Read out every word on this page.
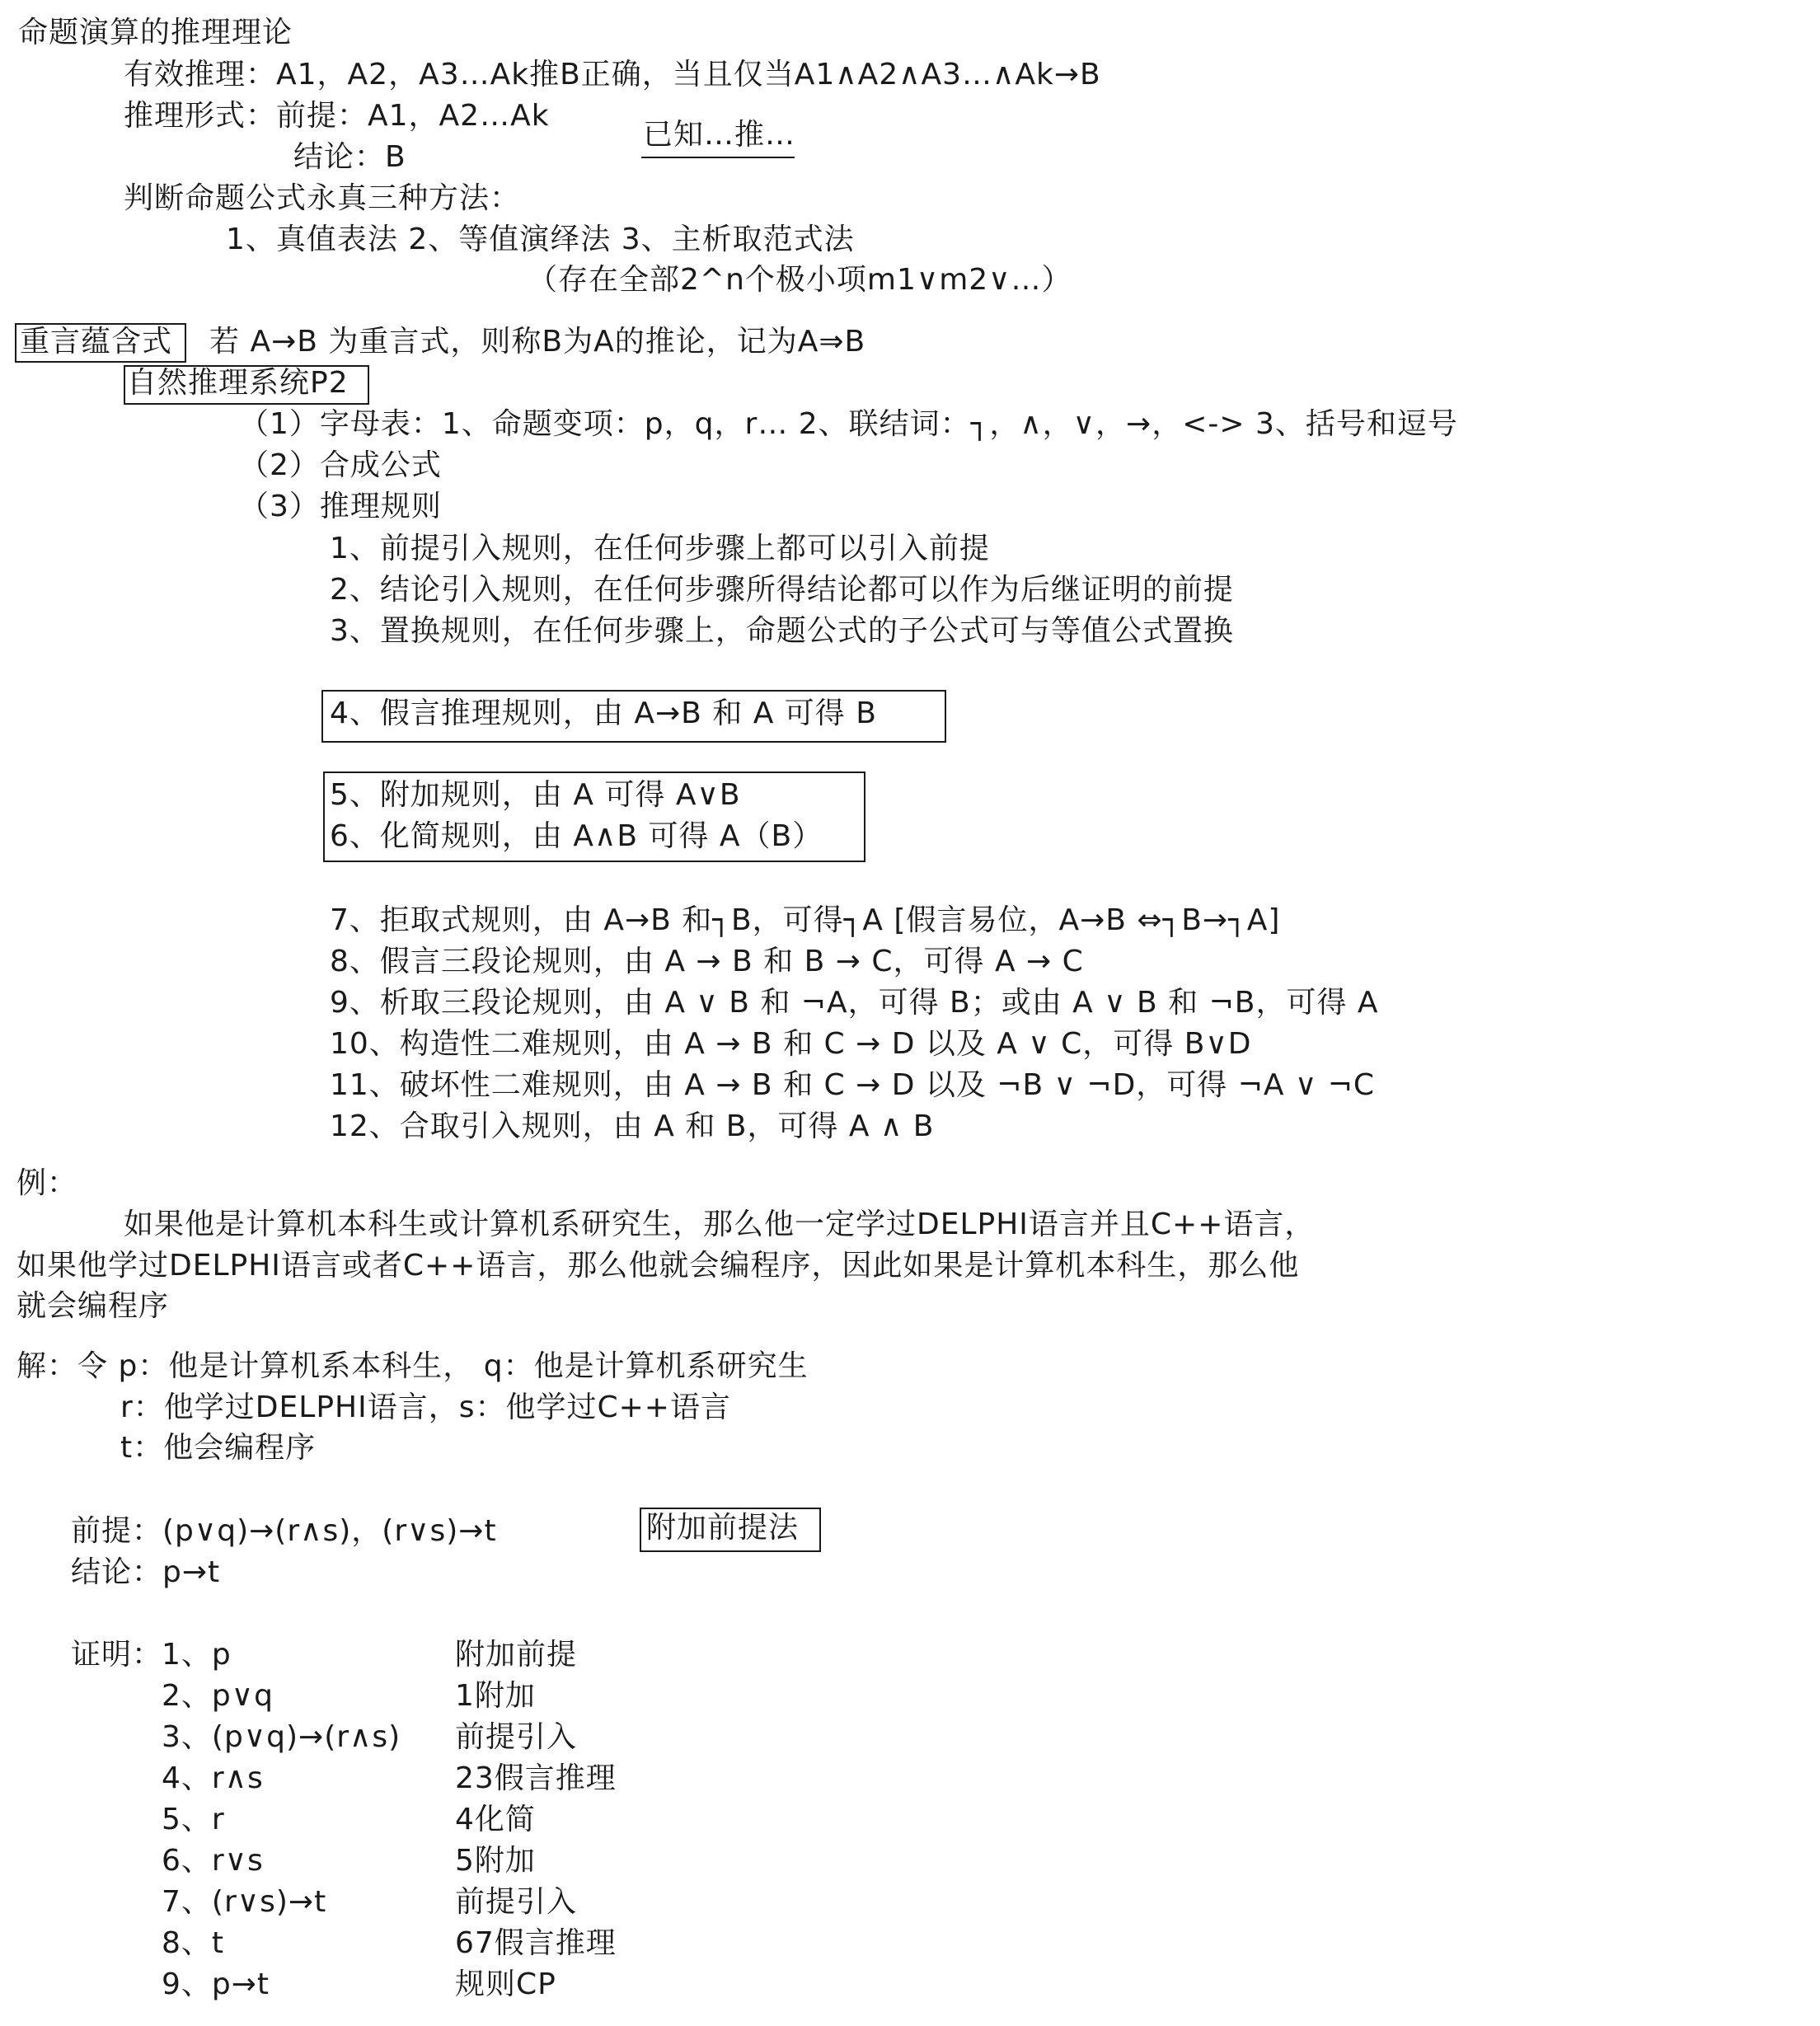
命题演算的推理理论
有效推理：A1，A2，A3…Ak推B正确，当且仅当A1∧A2∧A3…∧Ak→B
推理形式：前提：A1，A2…Ak
已知…推…
结论：B
判断命题公式永真三种方法：
1、真值表法 2、等值演绎法 3、主析取范式法
（存在全部2^n个极小项m1∨m2∨…）
重言蕴含式 若 A→B 为重言式，则称B为A的推论，记为A⇒B
自然推理系统P2
（1）字母表：1、命题变项：p，q，r… 2、联结词：┐，∧，∨，→，<-> 3、括号和逗号
（2）合成公式
（3）推理规则
1、前提引入规则，在任何步骤上都可以引入前提
2、结论引入规则，在任何步骤所得结论都可以作为后继证明的前提
3、置换规则，在任何步骤上，命题公式的子公式可与等值公式置换
4、假言推理规则，由 A→B 和 A 可得 B
5、附加规则，由 A 可得 A∨B
6、化简规则，由 A∧B 可得 A（B）
7、拒取式规则，由 A→B 和┐B，可得┐A [假言易位，A→B ⇔┐B→┐A]
8、假言三段论规则，由 A → B 和 B → C，可得 A → C
9、析取三段论规则，由 A ∨ B 和 ¬A，可得 B；或由 A ∨ B 和 ¬B，可得 A
10、构造性二难规则，由 A → B 和 C → D 以及 A ∨ C，可得 B∨D
11、破坏性二难规则，由 A → B 和 C → D 以及 ¬B ∨ ¬D，可得 ¬A ∨ ¬C
12、合取引入规则，由 A 和 B，可得 A ∧ B
例：
如果他是计算机本科生或计算机系研究生，那么他一定学过DELPHI语言并且C++语言，
如果他学过DELPHI语言或者C++语言，那么他就会编程序，因此如果是计算机本科生，那么他
就会编程序
解：令 p：他是计算机系本科生， q：他是计算机系研究生
r：他学过DELPHI语言，s：他学过C++语言
t：他会编程序
前提：(p∨q)→(r∧s)，(r∨s)→t	附加前提法
结论：p→t
证明：
1、p	附加前提
2、p∨q	1附加
3、(p∨q)→(r∧s) 前提引入
4、r∧s	23假言推理
5、r	4化简
6、r∨s	5附加
7、(r∨s)→t	前提引入
8、t	67假言推理
9、p→t	规则CP
